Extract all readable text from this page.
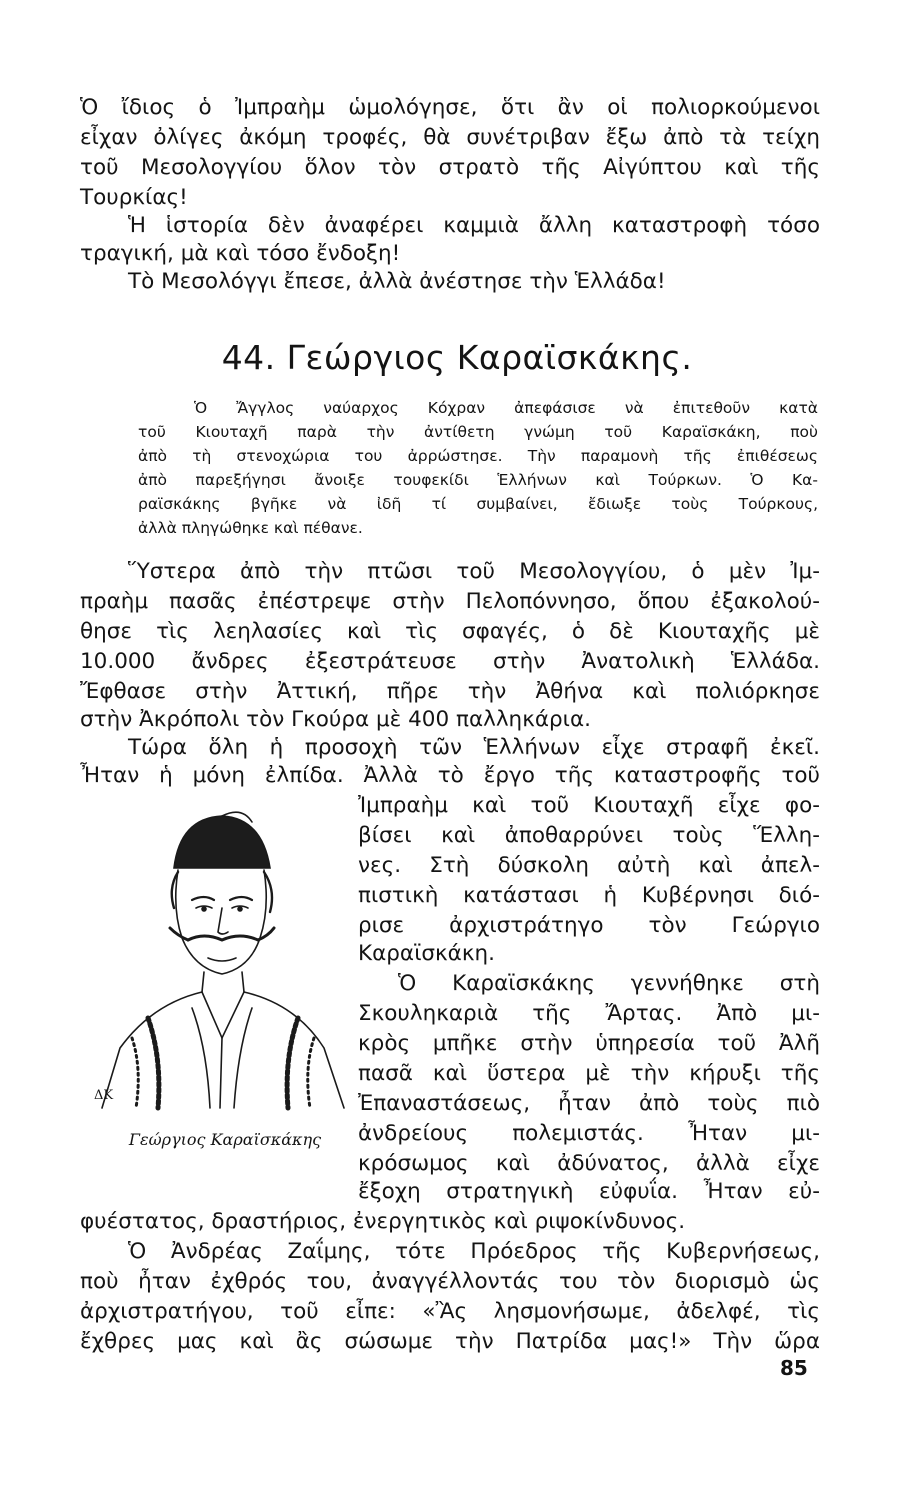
Ὁ ἴδιος ὁ Ἰμπραὴμ ὡμολόγησε, ὅτι ἂν οἱ πολιορκούμενοι
εἶχαν ὀλίγες ἀκόμη τροφές, θὰ συνέτριβαν ἔξω ἀπὸ τὰ τείχη
τοῦ Μεσολογγίου ὅλον τὸν στρατὸ τῆς Αἰγύπτου καὶ τῆς
Τουρκίας!
Ἡ ἱστορία δὲν ἀναφέρει καμμιὰ ἄλλη καταστροφὴ τόσο
τραγική, μὰ καὶ τόσο ἔνδοξη!
Τὸ Μεσολόγγι ἔπεσε, ἀλλὰ ἀνέστησε τὴν Ἑλλάδα!
44. Γεώργιος Καραϊσκάκης.
Ὁ Ἄγγλος ναύαρχος Κόχραν ἀπεφάσισε νὰ ἐπιτεθοῦν κατὰ
τοῦ Κιουταχῆ παρὰ τὴν ἀντίθετη γνώμη τοῦ Καραϊσκάκη, ποὺ
ἀπὸ τὴ στενοχώρια του ἀρρώστησε. Τὴν παραμονὴ τῆς ἐπιθέσεως
ἀπὸ παρεξήγησι ἄνοιξε τουφεκίδι Ἑλλήνων καὶ Τούρκων. Ὁ Κα-
ραϊσκάκης βγῆκε νὰ ἰδῆ τί συμβαίνει, ἔδιωξε τοὺς Τούρκους,
ἀλλὰ πληγώθηκε καὶ πέθανε.
Ὕστερα ἀπὸ τὴν πτῶσι τοῦ Μεσολογγίου, ὁ μὲν Ἰμ-
πραὴμ πασᾶς ἐπέστρεψε στὴν Πελοπόννησο, ὅπου ἐξακολού-
θησε τὶς λεηλασίες καὶ τὶς σφαγές, ὁ δὲ Κιουταχῆς μὲ
10.000 ἄνδρες ἐξεστράτευσε στὴν Ἀνατολικὴ Ἑλλάδα.
Ἔφθασε στὴν Ἀττική, πῆρε τὴν Ἀθήνα καὶ πολιόρκησε
στὴν Ἀκρόπολι τὸν Γκούρα μὲ 400 παλληκάρια.
Τώρα ὅλη ἡ προσοχὴ τῶν Ἑλλήνων εἶχε στραφῆ ἐκεῖ.
Ἦταν ἡ μόνη ἐλπίδα. Ἀλλὰ τὸ ἔργο τῆς καταστροφῆς τοῦ
Ἰμπραὴμ καὶ τοῦ Κιουταχῆ εἶχε φο-
βίσει καὶ ἀποθαρρύνει τοὺς Ἕλλη-
νες. Στὴ δύσκολη αὐτὴ καὶ ἀπελ-
πιστικὴ κατάστασι ἡ Κυβέρνησι διό-
ρισε ἀρχιστράτηγο τὸν Γεώργιο
Καραϊσκάκη.
Ὁ Καραϊσκάκης γεννήθηκε στὴ
Σκουληκαριὰ τῆς Ἄρτας. Ἀπὸ μι-
κρὸς μπῆκε στὴν ὑπηρεσία τοῦ Ἀλῆ
πασᾶ καὶ ὕστερα μὲ τὴν κήρυξι τῆς
Ἐπαναστάσεως, ἦταν ἀπὸ τοὺς πιὸ
ἀνδρείους πολεμιστάς. Ἦταν μι-
κρόσωμος καὶ ἀδύνατος, ἀλλὰ εἶχε
ἔξοχη στρατηγικὴ εὐφυΐα. Ἦταν εὐ-
φυέστατος, δραστήριος, ἐνεργητικὸς καὶ ριψοκίνδυνος.
Ὁ Ἀνδρέας Ζαΐμης, τότε Πρόεδρος τῆς Κυβερνήσεως,
ποὺ ἦταν ἐχθρός του, ἀναγγέλλοντάς του τὸν διορισμὸ ὡς
ἀρχιστρατήγου, τοῦ εἶπε: «Ἂς λησμονήσωμε, ἀδελφέ, τὶς
ἔχθρες μας καὶ ἂς σώσωμε τὴν Πατρίδα μας!» Τὴν ὥρα
ΔΚ
Γεώργιος Καραϊσκάκης
85
